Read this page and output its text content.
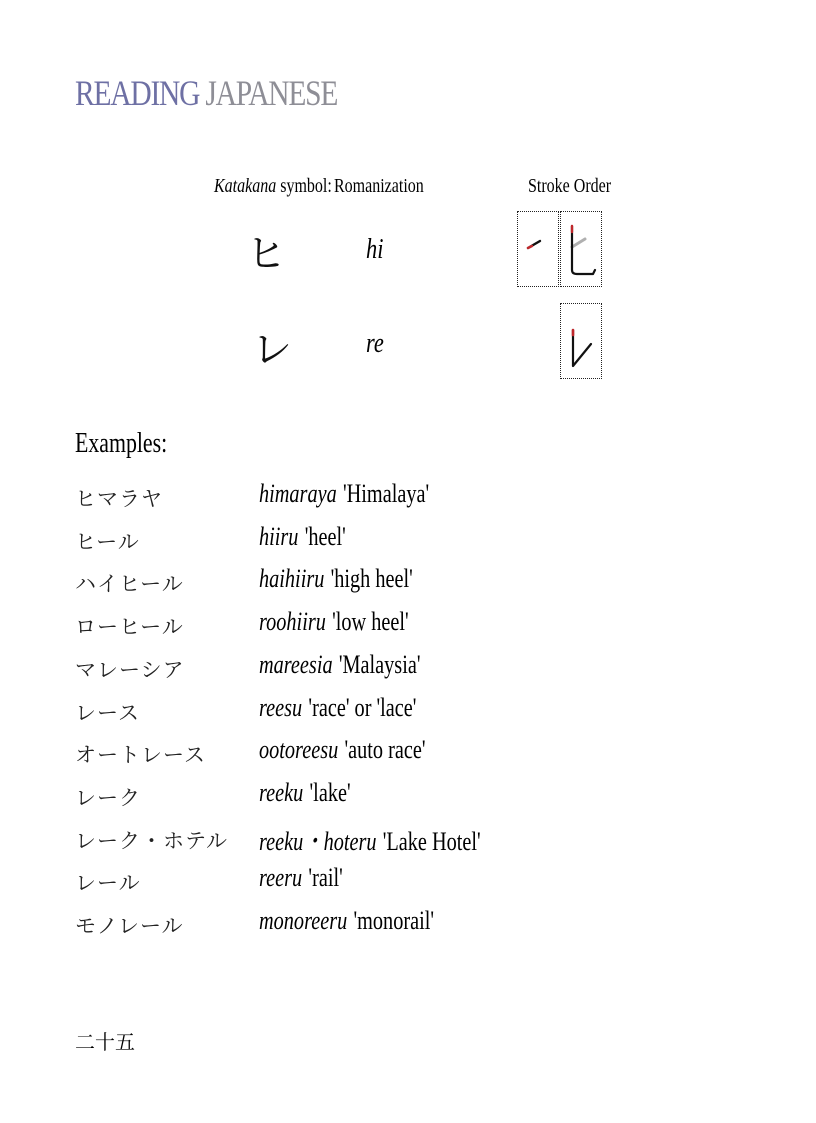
READING JAPANESE
Katakana symbol: Romanization	Stroke Order
ヒ	hi
レ	re
Examples:
ヒマラヤ	himaraya 'Himalaya'
ヒール	hiiru 'heel'
ハイヒール	haihiiru 'high heel'
ローヒール	roohiiru 'low heel'
マレーシア	mareesia 'Malaysia'
レース	reesu 'race' or 'lace'
オートレース ootoreesu 'auto race'
レーク	reeku 'lake'
レーク・ホテル reeku・hoteru 'Lake Hotel'
レール	reeru 'rail'
モノレール	monoreeru 'monorail'
二十五
